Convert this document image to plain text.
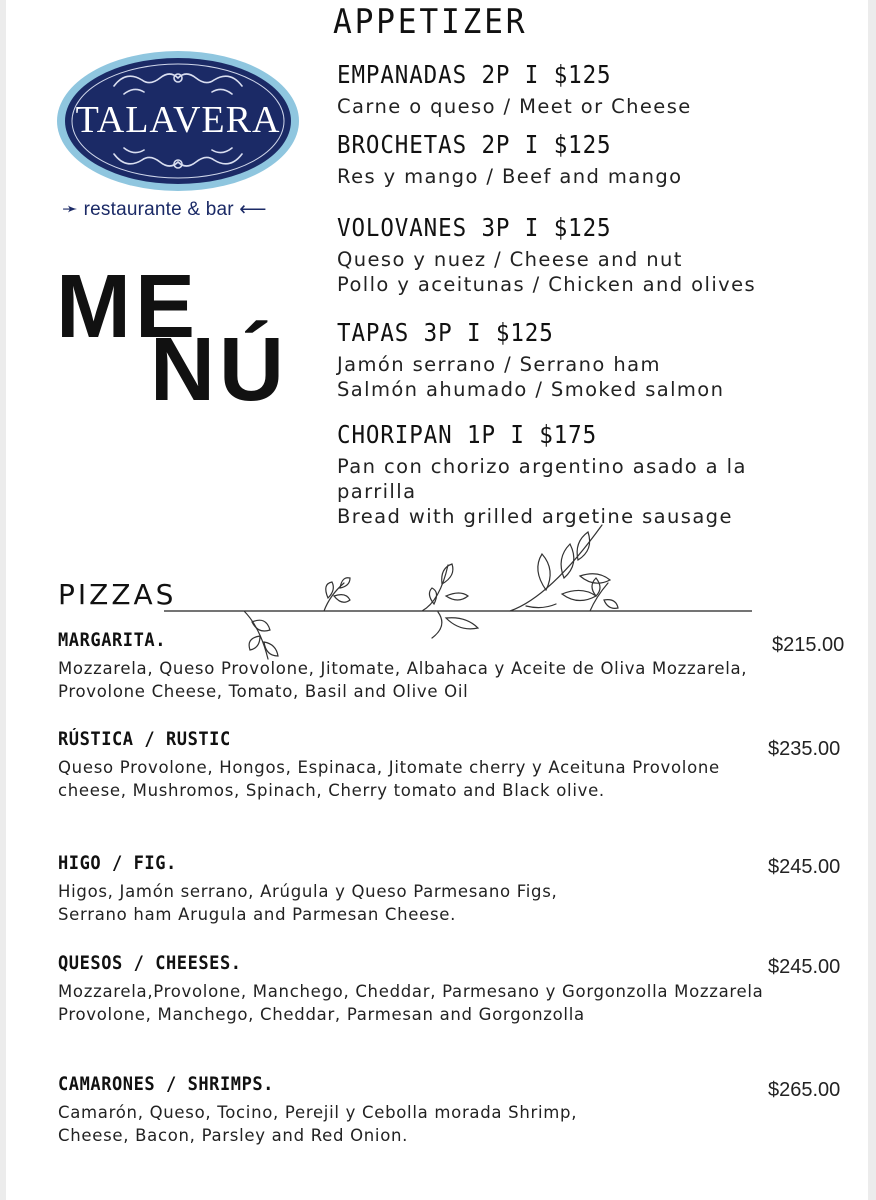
TALAVERA
➛ restaurante & bar ⟵
ME
NÚ
APPETIZER
EMPANADAS 2P I $125
Carne o queso / Meet or Cheese
BROCHETAS 2P I $125
Res y mango / Beef and mango
VOLOVANES 3P I $125
Queso y nuez / Cheese and nut
Pollo y aceitunas / Chicken and olives
TAPAS 3P I $125
Jamón serrano / Serrano ham
Salmón ahumado / Smoked salmon
CHORIPAN 1P I $175
Pan con chorizo argentino asado a la
parrilla
Bread with grilled argetine sausage
PIZZAS
MARGARITA.
Mozzarela, Queso Provolone, Jitomate, Albahaca y Aceite de Oliva Mozzarela, Provolone Cheese, Tomato, Basil and Olive Oil
$215.00
RÚSTICA / RUSTIC
Queso Provolone, Hongos, Espinaca, Jitomate cherry y Aceituna Provolone cheese, Mushromos, Spinach, Cherry tomato and Black olive.
$235.00
HIGO / FIG.
Higos, Jamón serrano, Arúgula y Queso Parmesano Figs, Serrano ham Arugula and Parmesan Cheese.
$245.00
QUESOS / CHEESES.
Mozzarela,Provolone, Manchego, Cheddar, Parmesano y Gorgonzolla Mozzarela Provolone, Manchego, Cheddar, Parmesan and Gorgonzolla
$245.00
CAMARONES / SHRIMPS.
Camarón, Queso, Tocino, Perejil y Cebolla morada Shrimp, Cheese, Bacon, Parsley and Red Onion.
$265.00
